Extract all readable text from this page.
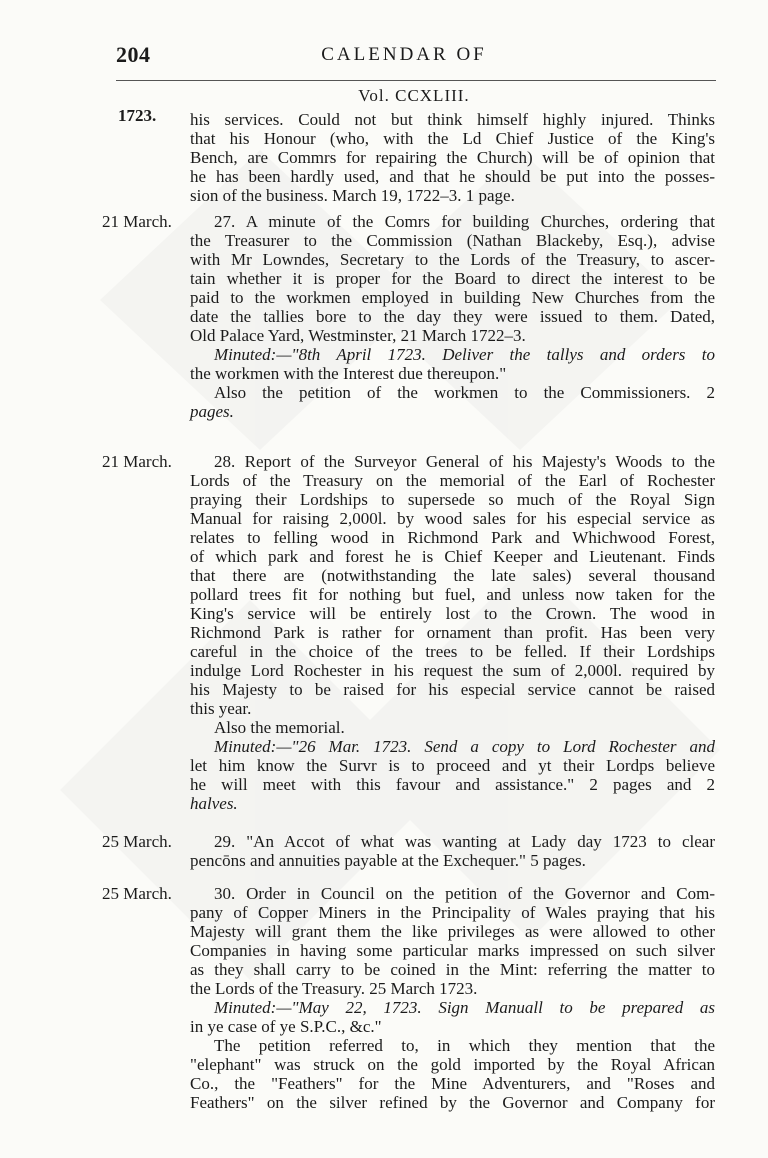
204	CALENDAR OF
Vol. CCXLIII.
1723. his services. Could not but think himself highly injured. Thinks
that his Honour (who, with the Ld Chief Justice of the King's
Bench, are Commrs for repairing the Church) will be of opinion that
he has been hardly used, and that he should be put into the posses-
sion of the business. March 19, 1722–3. 1 page.
21 March.	27. A minute of the Comrs for building Churches, ordering that
the Treasurer to the Commission (Nathan Blackeby, Esq.), advise
with Mr Lowndes, Secretary to the Lords of the Treasury, to ascer-
tain whether it is proper for the Board to direct the interest to be
paid to the workmen employed in building New Churches from the
date the tallies bore to the day they were issued to them. Dated,
Old Palace Yard, Westminster, 21 March 1722–3.
Minuted:—"8th April 1723. Deliver the tallys and orders to
the workmen with the Interest due thereupon."
Also the petition of the workmen to the Commissioners. 2
pages.
21 March.	28. Report of the Surveyor General of his Majesty's Woods to the
Lords of the Treasury on the memorial of the Earl of Rochester
praying their Lordships to supersede so much of the Royal Sign
Manual for raising 2,000l. by wood sales for his especial service as
relates to felling wood in Richmond Park and Whichwood Forest,
of which park and forest he is Chief Keeper and Lieutenant. Finds
that there are (notwithstanding the late sales) several thousand
pollard trees fit for nothing but fuel, and unless now taken for the
King's service will be entirely lost to the Crown. The wood in
Richmond Park is rather for ornament than profit. Has been very
careful in the choice of the trees to be felled. If their Lordships
indulge Lord Rochester in his request the sum of 2,000l. required by
his Majesty to be raised for his especial service cannot be raised
this year.
Also the memorial.
Minuted:—"26 Mar. 1723. Send a copy to Lord Rochester and
let him know the Survr is to proceed and yt their Lordps believe
he will meet with this favour and assistance." 2 pages and 2
halves.
25 March.	29. "An Accot of what was wanting at Lady day 1723 to clear
pencōns and annuities payable at the Exchequer." 5 pages.
25 March.	30. Order in Council on the petition of the Governor and Com-
pany of Copper Miners in the Principality of Wales praying that his
Majesty will grant them the like privileges as were allowed to other
Companies in having some particular marks impressed on such silver
as they shall carry to be coined in the Mint: referring the matter to
the Lords of the Treasury. 25 March 1723.
Minuted:—"May 22, 1723. Sign Manuall to be prepared as
in ye case of ye S.P.C., &c."
The petition referred to, in which they mention that the
"elephant" was struck on the gold imported by the Royal African
Co., the "Feathers" for the Mine Adventurers, and "Roses and
Feathers" on the silver refined by the Governor and Company for
